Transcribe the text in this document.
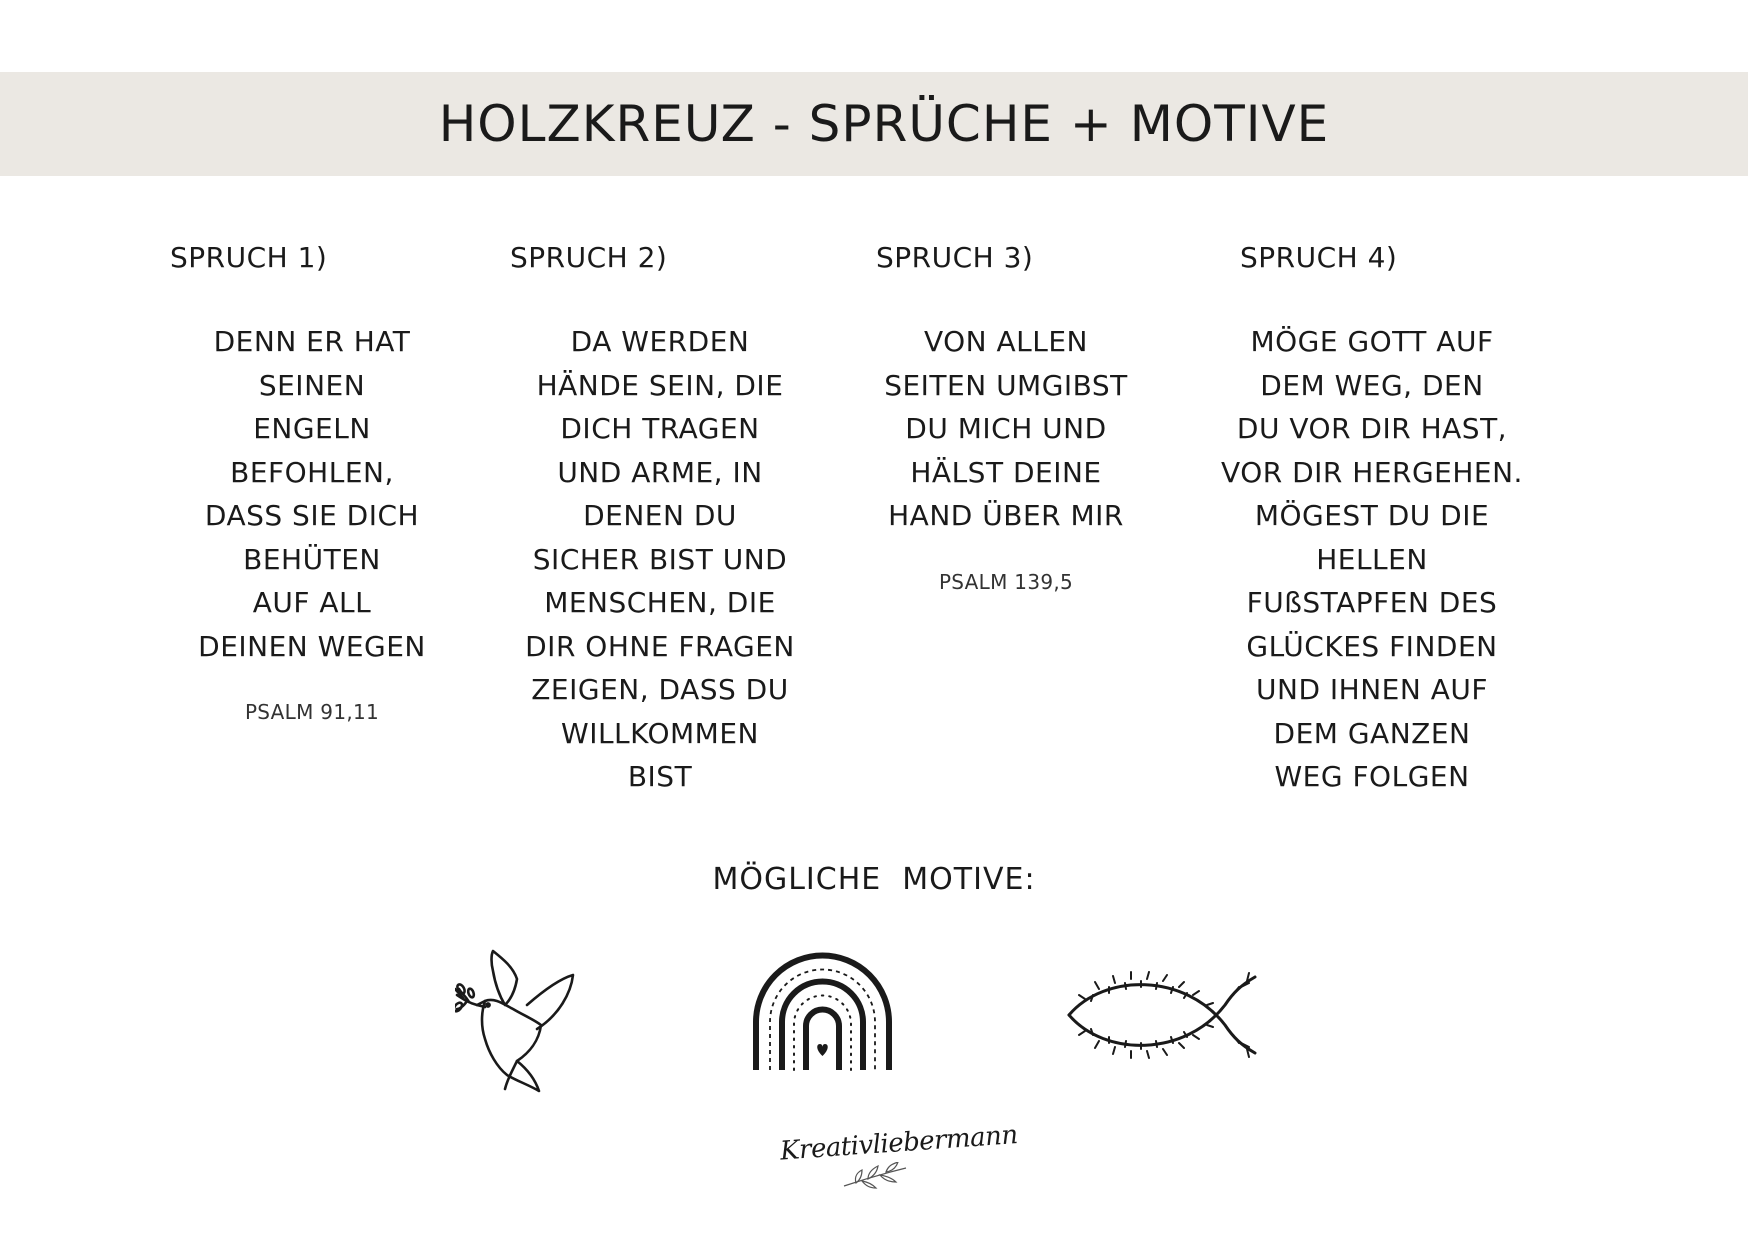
HOLZKREUZ - SPRÜCHE + MOTIVE
SPRUCH 1)
DENN ER HAT
SEINEN
ENGELN
BEFOHLEN,
DASS SIE DICH
BEHÜTEN
AUF ALL
DEINEN WEGEN
PSALM 91,11
SPRUCH 2)
DA WERDEN
HÄNDE SEIN, DIE
DICH TRAGEN
UND ARME, IN
DENEN DU
SICHER BIST UND
MENSCHEN, DIE
DIR OHNE FRAGEN
ZEIGEN, DASS DU
WILLKOMMEN
BIST
SPRUCH 3)
VON ALLEN
SEITEN UMGIBST
DU MICH UND
HÄLST DEINE
HAND ÜBER MIR
PSALM 139,5
SPRUCH 4)
MÖGE GOTT AUF
DEM WEG, DEN
DU VOR DIR HAST,
VOR DIR HERGEHEN.
MÖGEST DU DIE
HELLEN
FUßSTAPFEN DES
GLÜCKES FINDEN
UND IHNEN AUF
DEM GANZEN
WEG FOLGEN
MÖGLICHE  MOTIVE:
Kreativliebermann
